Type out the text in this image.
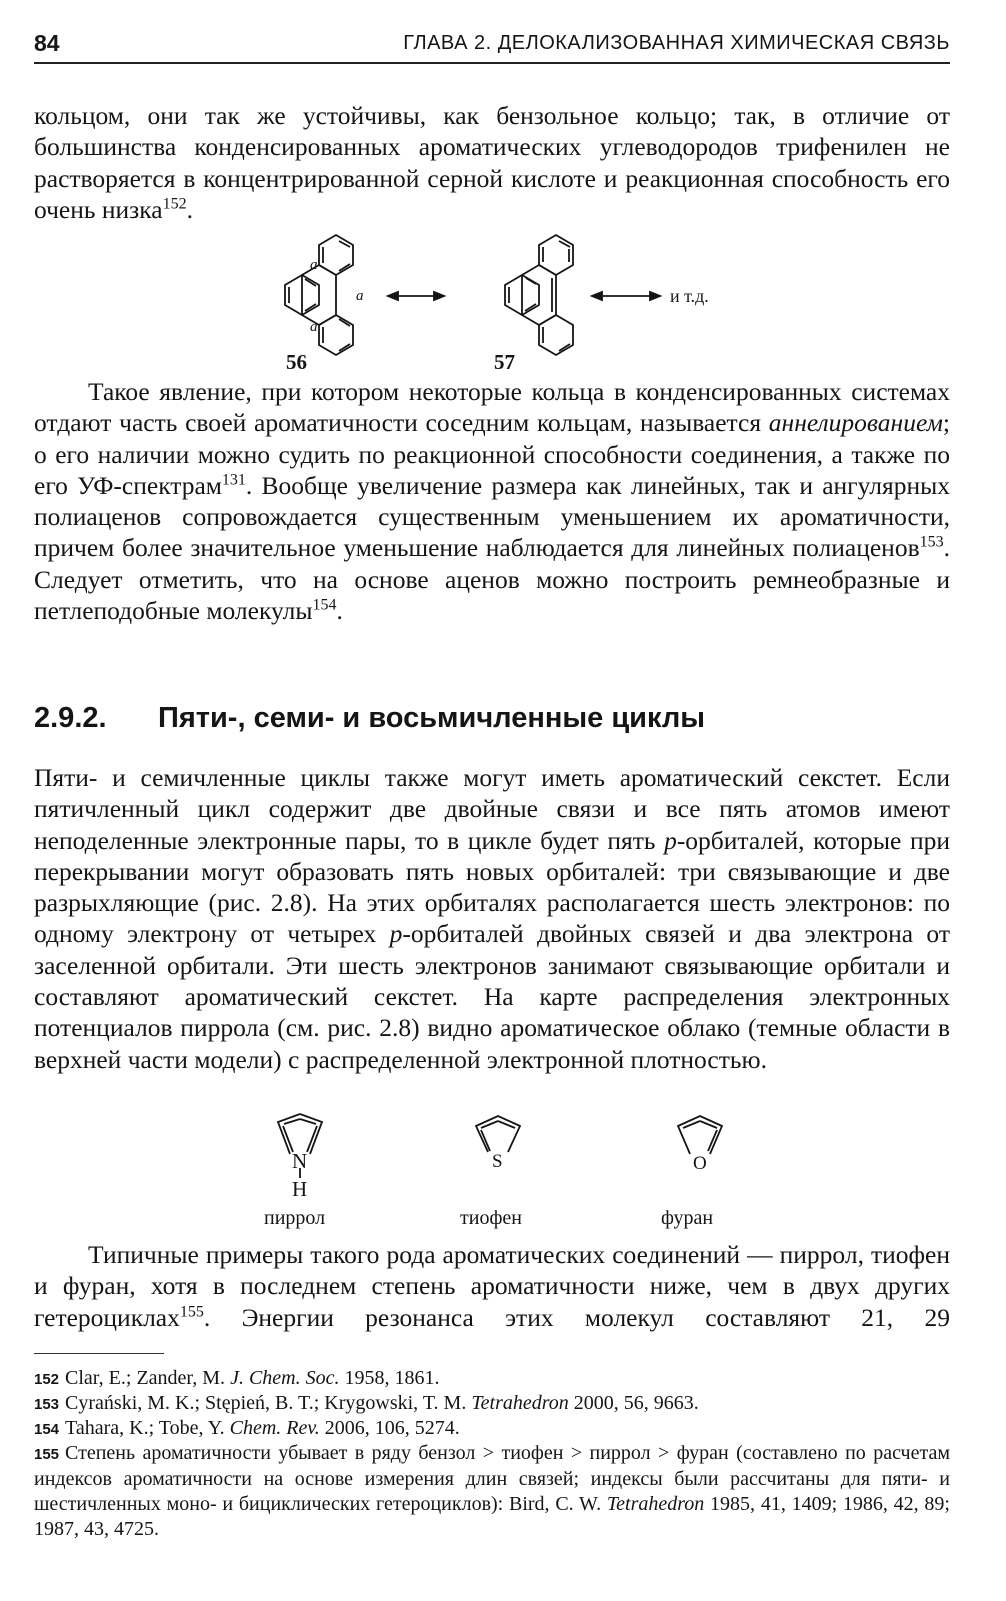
84	ГЛАВА 2. ДЕЛОКАЛИЗОВАННАЯ ХИМИЧЕСКАЯ СВЯЗЬ

кольцом, они так же устойчивы, как бензольное кольцо; так, в отличие от большинства конденсированных ароматических углеводородов трифенилен не растворяется в концентрированной серной кислоте и реакционная способность его очень низка$^{152}$.

a
a
a
56	57
и т.д.

Такое явление, при котором некоторые кольца в конденсированных системах отдают часть своей ароматичности соседним кольцам, называется аннелированием; о его наличии можно судить по реакционной способности соединения, а также по его УФ-спектрам$^{131}$. Вообще увеличение размера как линейных, так и ангулярных полиаценов сопровождается существенным уменьшением их ароматичности, причем более значительное уменьшение наблюдается для линейных полиаценов$^{153}$. Следует отметить, что на основе аценов можно построить ремнеобразные и петлеподобные молекулы$^{154}$.

2.9.2. Пяти-, семи- и восьмичленные циклы

Пяти- и семичленные циклы также могут иметь ароматический секстет. Если пятичленный цикл содержит две двойные связи и все пять атомов имеют неподеленные электронные пары, то в цикле будет пять p-орбиталей, которые при перекрывании могут образовать пять новых орбиталей: три связывающие и две разрыхляющие (рис. 2.8). На этих орбиталях располагается шесть электронов: по одному электрону от четырех p-орбиталей двойных связей и два электрона от заселенной орбитали. Эти шесть электронов занимают связывающие орбитали и составляют ароматический секстет. На карте распределения электронных потенциалов пиррола (см. рис. 2.8) видно ароматическое облако (темные области в верхней части модели) с распределенной электронной плотностью.

N
H
S	O
пиррол	тиофен	фуран

Типичные примеры такого рода ароматических соединений — пиррол, тиофен и фуран, хотя в последнем степень ароматичности ниже, чем в двух других гетероциклах$^{155}$. Энергии резонанса этих молекул составляют 21, 29

152 Clar, E.; Zander, M. J. Chem. Soc. 1958, 1861.

153 Cyrański, M. K.; Stępień, B. T.; Krygowski, T. M. Tetrahedron 2000, 56, 9663.

154 Tahara, K.; Tobe, Y. Chem. Rev. 2006, 106, 5274.

155 Степень ароматичности убывает в ряду бензол > тиофен > пиррол > фуран (составлено по расчетам индексов ароматичности на основе измерения длин связей; индексы были рассчитаны для пяти- и шестичленных моно- и бициклических гетероциклов): Bird, C. W. Tetrahedron 1985, 41, 1409; 1986, 42, 89; 1987, 43, 4725.
